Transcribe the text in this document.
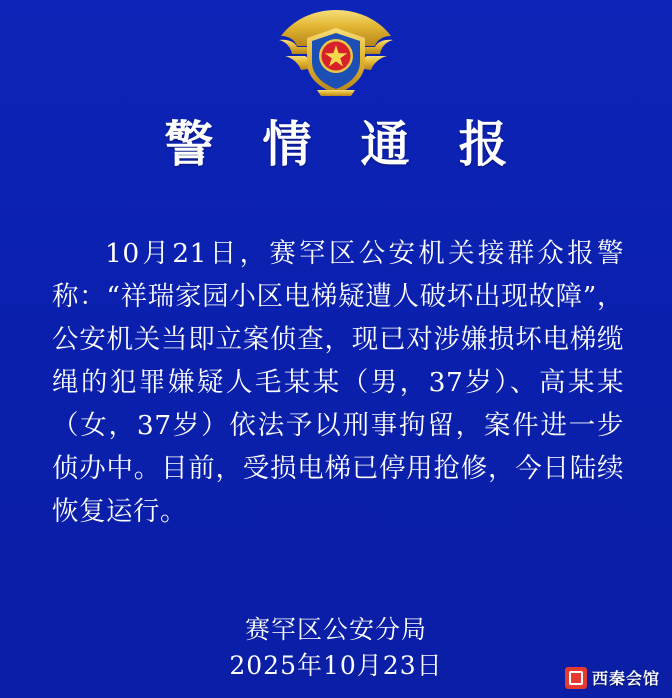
警 情 通 报
10月21日，赛罕区公安机关接群众报警称：“祥瑞家园小区电梯疑遭人破坏出现故障”，公安机关当即立案侦查，现已对涉嫌损坏电梯缆绳的犯罪嫌疑人毛某某（男，37岁）、高某某（女，37岁）依法予以刑事拘留，案件进一步侦办中。目前，受损电梯已停用抢修，今日陆续恢复运行。
赛罕区公安分局
2025年10月23日	西秦会馆
